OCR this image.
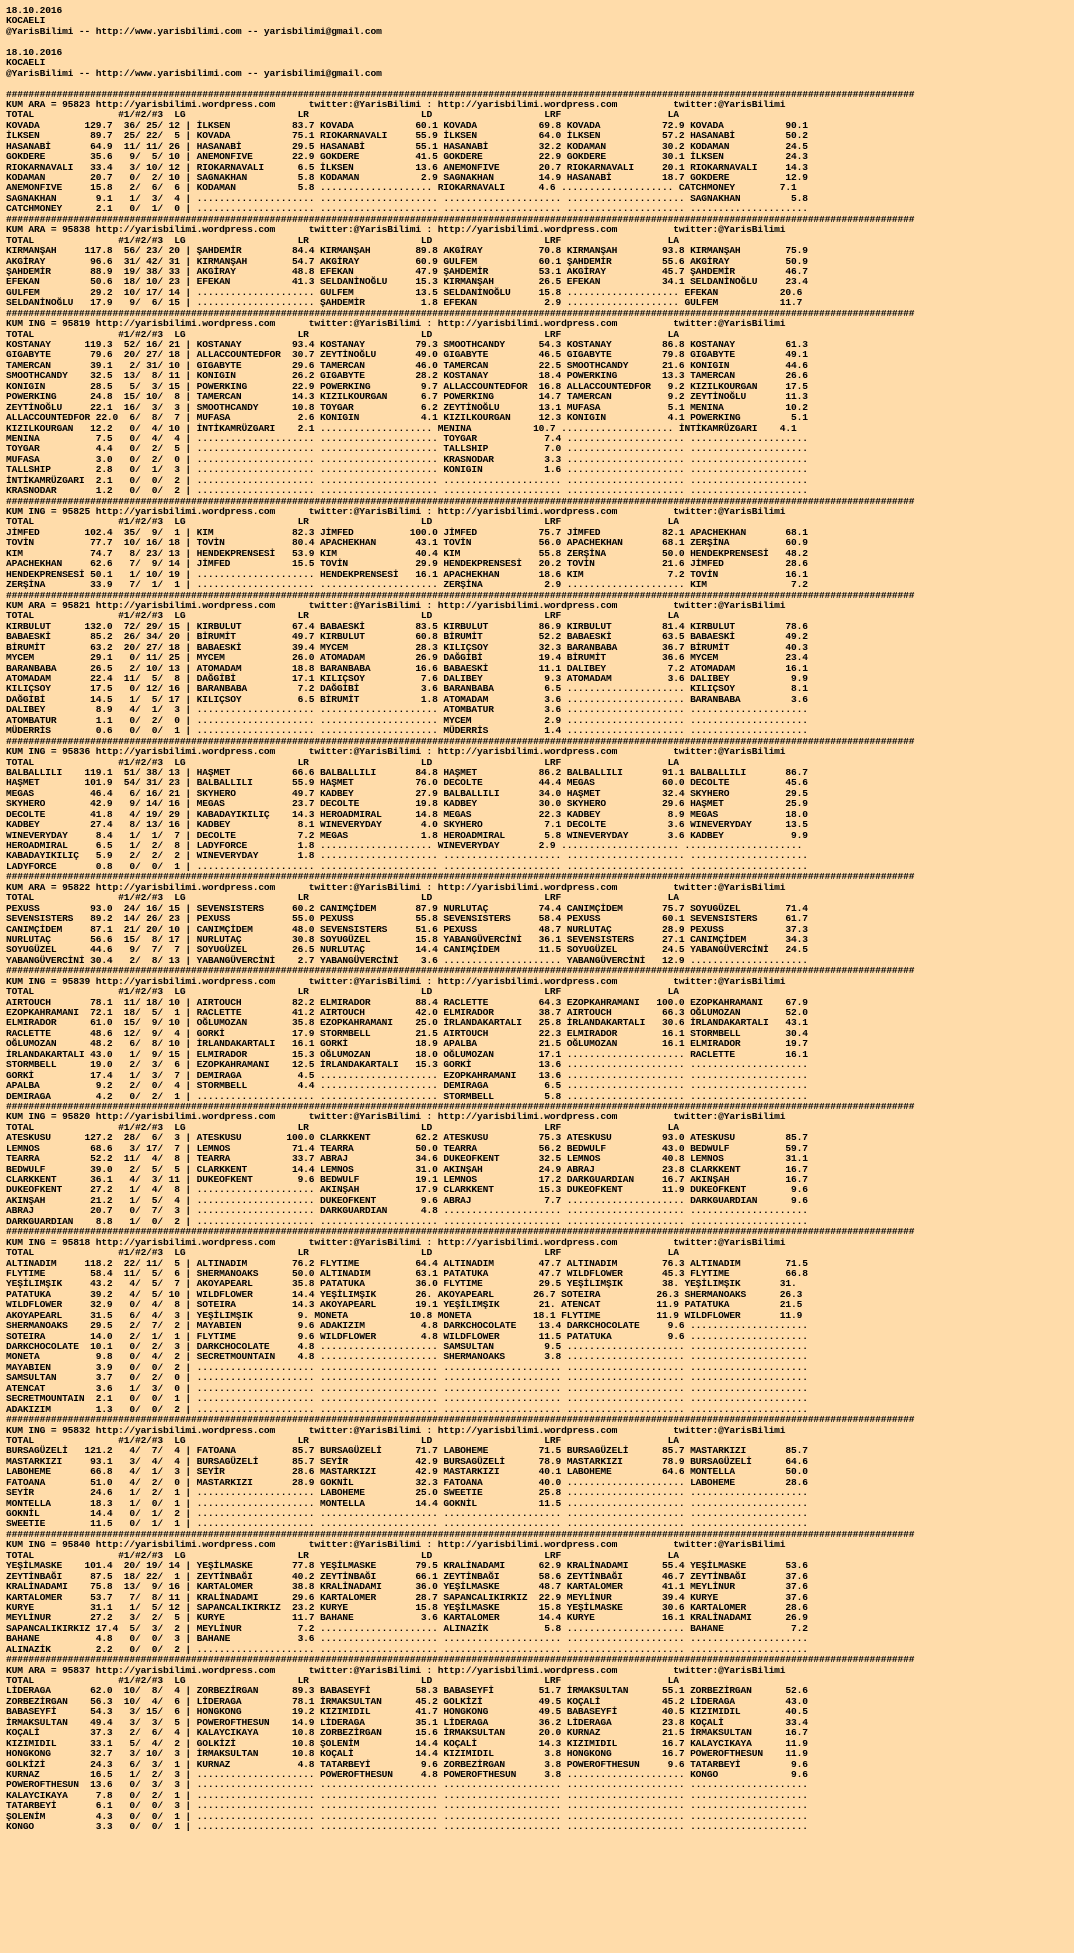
18.10.2016
KOCAELI
@YarisBilimi -- http://www.yarisbilimi.com -- yarisbilimi@gmail.com
18.10.2016
KOCAELI
@YarisBilimi -- http://www.yarisbilimi.com -- yarisbilimi@gmail.com
##################################################################################################################################################################
KUM ARA = 95823 http://yarisbilimi.wordpress.com      twitter:@YarisBilimi : http://yarisbilimi.wordpress.com          twitter:@YarisBilimi
TOTAL               #1/#2/#3  LG                    LR                    LD                    LRF                   LA
KOVADA        129.7  36/ 25/ 12 | İLKSEN           83.7 KOVADA           60.1 KOVADA           69.8 KOVADA           72.9 KOVADA           90.1
İLKSEN         89.7  25/ 22/  5 | KOVADA           75.1 RIOKARNAVALI     55.9 İLKSEN           64.0 İLKSEN           57.2 HASANABİ         50.2
HASANABİ       64.9  11/ 11/ 26 | HASANABİ         29.5 HASANABİ         55.1 HASANABİ         32.2 KODAMAN          30.2 KODAMAN          24.5
GOKDERE        35.6   9/  5/ 10 | ANEMONFIVE       22.9 GOKDERE          41.5 GOKDERE          22.9 GOKDERE          30.1 İLKSEN           24.3
RIOKARNAVALI   33.4   3/ 10/ 12 | RIOKARNAVALI      6.5 İLKSEN           13.6 ANEMONFIVE       20.7 RIOKARNAVALI     20.1 RIOKARNAVALI     14.3
KODAMAN        20.7   0/  2/ 10 | SAGNAKHAN         5.8 KODAMAN           2.9 SAGNAKHAN        14.9 HASANABİ         18.7 GOKDERE          12.9
ANEMONFIVE     15.8   2/  6/  6 | KODAMAN           5.8 .................... RIOKARNAVALI      4.6 .................... CATCHMONEY        7.1
SAGNAKHAN       9.1   1/  3/  4 | ..................... ..................... ..................... ..................... SAGNAKHAN         5.8
CATCHMONEY      2.1   0/  1/  0 | ..................... ..................... ..................... ..................... .....................
##################################################################################################################################################################
KUM ARA = 95838 http://yarisbilimi.wordpress.com      twitter:@YarisBilimi : http://yarisbilimi.wordpress.com          twitter:@YarisBilimi
TOTAL               #1/#2/#3  LG                    LR                    LD                    LRF                   LA
KIRMANŞAH     117.8  56/ 23/ 20 | ŞAHDEMİR         84.4 KIRMANŞAH        89.8 AKGİRAY          70.8 KIRMANŞAH        93.8 KIRMANŞAH        75.9
AKGİRAY        96.6  31/ 42/ 31 | KIRMANŞAH        54.7 AKGİRAY          60.9 GULFEM           60.1 ŞAHDEMİR         55.6 AKGİRAY          50.9
ŞAHDEMİR       88.9  19/ 38/ 33 | AKGİRAY          48.8 EFEKAN           47.9 ŞAHDEMİR         53.1 AKGİRAY          45.7 ŞAHDEMİR         46.7
EFEKAN         50.6  18/ 10/ 23 | EFEKAN           41.3 SELDANİNOĞLU     15.3 KIRMANŞAH        26.5 EFEKAN           34.1 SELDANİNOĞLU     23.4
GULFEM         29.2  10/ 17/ 14 | ..................... GULFEM           13.5 SELDANİNOĞLU     15.8 .................... EFEKAN           20.6
SELDANİNOĞLU   17.9   9/  6/ 15 | ..................... ŞAHDEMİR          1.8 EFEKAN            2.9 .................... GULFEM           11.7
##################################################################################################################################################################
KUM ING = 95819 http://yarisbilimi.wordpress.com      twitter:@YarisBilimi : http://yarisbilimi.wordpress.com          twitter:@YarisBilimi
TOTAL               #1/#2/#3  LG                    LR                    LD                    LRF                   LA
KOSTANAY      119.3  52/ 16/ 21 | KOSTANAY         93.4 KOSTANAY         79.3 SMOOTHCANDY      54.3 KOSTANAY         86.8 KOSTANAY         61.3
GIGABYTE       79.6  20/ 27/ 18 | ALLACCOUNTEDFOR  30.7 ZEYTİNOĞLU       49.0 GIGABYTE         46.5 GIGABYTE         79.8 GIGABYTE         49.1
TAMERCAN       39.1   2/ 31/ 10 | GIGABYTE         29.6 TAMERCAN         46.0 TAMERCAN         22.5 SMOOTHCANDY      21.6 KONIGIN          44.6
SMOOTHCANDY    32.5  13/  8/ 11 | KONIGIN          26.2 GIGABYTE         28.2 KOSTANAY         18.4 POWERKING        13.3 TAMERCAN         26.6
KONIGIN        28.5   5/  3/ 15 | POWERKING        22.9 POWERKING         9.7 ALLACCOUNTEDFOR  16.8 ALLACCOUNTEDFOR   9.2 KIZILKOURGAN     17.5
POWERKING      24.8  15/ 10/  8 | TAMERCAN         14.3 KIZILKOURGAN      6.7 POWERKING        14.7 TAMERCAN          9.2 ZEYTİNOĞLU       11.3
ZEYTİNOĞLU     22.1  16/  3/  3 | SMOOTHCANDY      10.8 TOYGAR            6.2 ZEYTİNOĞLU       13.1 MUFASA            5.1 MENINA           10.2
ALLACCOUNTEDFOR 22.0  6/  8/  7 | MUFASA            2.6 KONIGIN           4.1 KIZILKOURGAN     12.3 KONIGIN           4.1 POWERKING         5.1
KIZILKOURGAN   12.2   0/  4/ 10 | İNTİKAMRÜZGARI    2.1 .................... MENINA           10.7 .................... İNTİKAMRÜZGARI    4.1
MENINA          7.5   0/  4/  4 | ..................... ..................... TOYGAR            7.4 ..................... .....................
TOYGAR          4.4   0/  2/  5 | ..................... ..................... TALLSHIP          7.0 ..................... .....................
MUFASA          3.0   0/  2/  0 | ..................... ..................... KRASNODAR         3.3 ..................... .....................
TALLSHIP        2.8   0/  1/  3 | ..................... ..................... KONIGIN           1.6 ..................... .....................
İNTİKAMRÜZGARI  2.1   0/  0/  2 | ..................... ..................... ..................... ..................... .....................
KRASNODAR       1.2   0/  0/  2 | ..................... ..................... ..................... ..................... .....................
##################################################################################################################################################################
KUM ING = 95825 http://yarisbilimi.wordpress.com      twitter:@YarisBilimi : http://yarisbilimi.wordpress.com          twitter:@YarisBilimi
TOTAL               #1/#2/#3  LG                    LR                    LD                    LRF                   LA
JİMFED        102.4  35/  9/  1 | KIM              82.3 JİMFED          100.0 JİMFED           75.7 JİMFED           82.1 APACHEKHAN       68.1
TOVİN          77.7  10/ 16/ 18 | TOVİN            80.4 APACHEKHAN       43.1 TOVİN            56.0 APACHEKHAN       68.1 ZERŞİNA          60.9
KIM            74.7   8/ 23/ 13 | HENDEKPRENSESİ   53.9 KIM              40.4 KIM              55.8 ZERŞİNA          50.0 HENDEKPRENSESİ   48.2
APACHEKHAN     62.6   7/  9/ 14 | JİMFED           15.5 TOVİN            29.9 HENDEKPRENSESİ   20.2 TOVİN            21.6 JİMFED           28.6
HENDEKPRENSESİ 50.1   1/ 10/ 19 | ..................... HENDEKPRENSESİ   16.1 APACHEKHAN       18.6 KIM               7.2 TOVİN            16.1
ZERŞİNA        33.9   7/  1/  1 | ..................... ..................... ZERŞİNA           2.9 ..................... KIM               7.2
##################################################################################################################################################################
KUM ARA = 95821 http://yarisbilimi.wordpress.com      twitter:@YarisBilimi : http://yarisbilimi.wordpress.com          twitter:@YarisBilimi
TOTAL               #1/#2/#3  LG                    LR                    LD                    LRF                   LA
KIRBULUT      132.0  72/ 29/ 15 | KIRBULUT         67.4 BABAESKİ         83.5 KIRBULUT         86.9 KIRBULUT         81.4 KIRBULUT         78.6
BABAESKİ       85.2  26/ 34/ 20 | BİRUMİT          49.7 KIRBULUT         60.8 BİRUMİT          52.2 BABAESKİ         63.5 BABAESKİ         49.2
BİRUMİT        63.2  20/ 27/ 18 | BABAESKİ         39.4 MYCEM            28.3 KILIÇSOY         32.3 BARANBABA        36.7 BİRUMİT          40.3
MYCEM          29.1   0/ 11/ 25 | MYCEM            26.0 ATOMADAM         26.9 DAĞGİBİ          19.4 BİRUMİT          36.6 MYCEM            23.4
BARANBABA      26.5   2/ 10/ 13 | ATOMADAM         18.8 BARANBABA        16.6 BABAESKİ         11.1 DALIBEY           7.2 ATOMADAM         16.1
ATOMADAM       22.4  11/  5/  8 | DAĞGİBİ          17.1 KILIÇSOY          7.6 DALIBEY           9.3 ATOMADAM          3.6 DALIBEY           9.9
KILIÇSOY       17.5   0/ 12/ 16 | BARANBABA         7.2 DAĞGİBİ           3.6 BARANBABA         6.5 ..................... KILIÇSOY          8.1
DAĞGİBİ        14.5   1/  5/ 17 | KILIÇSOY          6.5 BİRUMİT           1.8 ATOMADAM          3.6 ..................... BARANBABA         3.6
DALIBEY         8.9   4/  1/  3 | ..................... ..................... ATOMBATUR         3.6 ..................... .....................
ATOMBATUR       1.1   0/  2/  0 | ..................... ..................... MYCEM             2.9 ..................... .....................
MÜDERRİS        0.6   0/  0/  1 | ..................... ..................... MÜDERRİS          1.4 ..................... .....................
##################################################################################################################################################################
KUM ING = 95836 http://yarisbilimi.wordpress.com      twitter:@YarisBilimi : http://yarisbilimi.wordpress.com          twitter:@YarisBilimi
TOTAL               #1/#2/#3  LG                    LR                    LD                    LRF                   LA
BALBALLILI    119.1  51/ 38/ 13 | HAŞMET           66.6 BALBALLILI       84.8 HAŞMET           86.2 BALBALLILI       91.1 BALBALLILI       86.7
HAŞMET        101.9  54/ 31/ 23 | BALBALLILI       55.9 HAŞMET           76.0 DECOLTE          44.4 MEGAS            60.0 DECOLTE          45.6
MEGAS          46.4   6/ 16/ 21 | SKYHERO          49.7 KADBEY           27.9 BALBALLILI       34.0 HAŞMET           32.4 SKYHERO          29.5
SKYHERO        42.9   9/ 14/ 16 | MEGAS            23.7 DECOLTE          19.8 KADBEY           30.0 SKYHERO          29.6 HAŞMET           25.9
DECOLTE        41.8   4/ 19/ 29 | KABADAYIKILIÇ    14.3 HEROADMIRAL      14.8 MEGAS            22.3 KADBEY            8.9 MEGAS            18.0
KADBEY         27.4   8/ 13/ 16 | KADBEY            8.1 WINEVERYDAY       4.0 SKYHERO           7.1 DECOLTE           3.6 WINEVERYDAY      13.5
WINEVERYDAY     8.4   1/  1/  7 | DECOLTE           7.2 MEGAS             1.8 HEROADMIRAL       5.8 WINEVERYDAY       3.6 KADBEY            9.9
HEROADMIRAL     6.5   1/  2/  8 | LADYFORCE         1.8 .................... WINEVERYDAY       2.9 ..................... .....................
KABADAYIKILIÇ   5.9   2/  2/  2 | WINEVERYDAY       1.8 ..................... ..................... ..................... .....................
LADYFORCE       0.8   0/  0/  1 | ..................... ..................... ..................... ..................... .....................
##################################################################################################################################################################
KUM ARA = 95822 http://yarisbilimi.wordpress.com      twitter:@YarisBilimi : http://yarisbilimi.wordpress.com          twitter:@YarisBilimi
TOTAL               #1/#2/#3  LG                    LR                    LD                    LRF                   LA
PEXUSS         93.0  24/ 16/ 15 | SEVENSISTERS     60.2 CANIMÇİDEM       87.9 NURLUTAÇ         74.4 CANIMÇİDEM       75.7 SOYUGÜZEL        71.4
SEVENSISTERS   89.2  14/ 26/ 23 | PEXUSS           55.0 PEXUSS           55.8 SEVENSISTERS     58.4 PEXUSS           60.1 SEVENSISTERS     61.7
CANIMÇİDEM     87.1  21/ 20/ 10 | CANIMÇİDEM       48.0 SEVENSISTERS     51.6 PEXUSS           48.7 NURLUTAÇ         28.9 PEXUSS           37.3
NURLUTAÇ       56.6  15/  8/ 17 | NURLUTAÇ         30.8 SOYUGÜZEL        15.8 YABANGÜVERCİNİ   36.1 SEVENSISTERS     27.1 CANIMÇİDEM       34.3
SOYUGÜZEL      44.6   9/  7/  7 | SOYUGÜZEL        26.5 NURLUTAÇ         14.4 CANIMÇİDEM       11.5 SOYUGÜZEL        24.5 YABANGÜVERCİNİ   24.5
YABANGÜVERCİNİ 30.4   2/  8/ 13 | YABANGÜVERCİNİ    2.7 YABANGÜVERCİNİ    3.6 ..................... YABANGÜVERCİNİ   12.9 .....................
##################################################################################################################################################################
KUM ING = 95839 http://yarisbilimi.wordpress.com      twitter:@YarisBilimi : http://yarisbilimi.wordpress.com          twitter:@YarisBilimi
TOTAL               #1/#2/#3  LG                    LR                    LD                    LRF                   LA
AIRTOUCH       78.1  11/ 18/ 10 | AIRTOUCH         82.2 ELMIRADOR        88.4 RACLETTE         64.3 EZOPKAHRAMANI   100.0 EZOPKAHRAMANI    67.9
EZOPKAHRAMANI  72.1  18/  5/  1 | RACLETTE         41.2 AIRTOUCH         42.0 ELMIRADOR        38.7 AIRTOUCH         66.3 OĞLUMOZAN        52.0
ELMIRADOR      61.0  15/  9/ 10 | OĞLUMOZAN        35.8 EZOPKAHRAMANI    25.0 İRLANDAKARTALI   25.8 İRLANDAKARTALI   30.6 İRLANDAKARTALI   43.1
RACLETTE       48.6  12/  9/  4 | GORKİ            17.9 STORMBELL        21.5 AIRTOUCH         22.3 ELMIRADOR        16.1 STORMBELL        30.4
OĞLUMOZAN      48.2   6/  8/ 10 | İRLANDAKARTALI   16.1 GORKİ            18.9 APALBA           21.5 OĞLUMOZAN        16.1 ELMIRADOR        19.7
İRLANDAKARTALI 43.0   1/  9/ 15 | ELMIRADOR        15.3 OĞLUMOZAN        18.0 OĞLUMOZAN        17.1 ..................... RACLETTE         16.1
STORMBELL      19.0   2/  3/  6 | EZOPKAHRAMANI    12.5 İRLANDAKARTALI   15.3 GORKİ            13.6 ..................... .....................
GORKİ          17.4   1/  3/  7 | DEMIRAGA          4.5 ..................... EZOPKAHRAMANI    13.6 ..................... .....................
APALBA          9.2   2/  0/  4 | STORMBELL         4.4 ..................... DEMIRAGA          6.5 ..................... .....................
DEMIRAGA        4.2   0/  2/  1 | ..................... ..................... STORMBELL         5.8 ..................... .....................
##################################################################################################################################################################
KUM ING = 95820 http://yarisbilimi.wordpress.com      twitter:@YarisBilimi : http://yarisbilimi.wordpress.com          twitter:@YarisBilimi
TOTAL               #1/#2/#3  LG                    LR                    LD                    LRF                   LA
ATESKUSU      127.2  28/  6/  3 | ATESKUSU        100.0 CLARKKENT        62.2 ATESKUSU         75.3 ATESKUSU         93.0 ATESKUSU         85.7
LEMNOS         68.6   3/ 17/  7 | LEMNOS           71.4 TEARRA           50.0 TEARRA           56.2 BEDWULF          43.0 BEDWULF          59.7
TEARRA         52.2  11/  4/  8 | TEARRA           33.7 ABRAJ            34.6 DUKEOFKENT       32.5 LEMNOS           40.8 LEMNOS           31.1
BEDWULF        39.0   2/  5/  5 | CLARKKENT        14.4 LEMNOS           31.0 AKINŞAH          24.9 ABRAJ            23.8 CLARKKENT        16.7
CLARKKENT      36.1   4/  3/ 11 | DUKEOFKENT        9.6 BEDWULF          19.1 LEMNOS           17.2 DARKGUARDIAN     16.7 AKINŞAH          16.7
DUKEOFKENT     27.2   1/  4/  8 | ..................... AKINŞAH          17.9 CLARKKENT        15.3 DUKEOFKENT       11.9 DUKEOFKENT        9.6
AKINŞAH        21.2   1/  5/  4 | ..................... DUKEOFKENT        9.6 ABRAJ             7.7 ..................... DARKGUARDIAN      9.6
ABRAJ          20.7   0/  7/  3 | ..................... DARKGUARDIAN      4.8 ..................... ..................... .....................
DARKGUARDIAN    8.8   1/  0/  2 | ..................... ..................... ..................... ..................... .....................
##################################################################################################################################################################
KUM ING = 95818 http://yarisbilimi.wordpress.com      twitter:@YarisBilimi : http://yarisbilimi.wordpress.com          twitter:@YarisBilimi
TOTAL               #1/#2/#3  LG                    LR                    LD                    LRF                   LA
ALTINADIM     118.2  22/ 11/  5 | ALTINADIM        76.2 FLYTIME          64.4 ALTINADIM        47.7 ALTINADIM        76.3 ALTINADIM        71.5
FLYTIME        58.4  11/  5/  6 | SHERMANOAKS      50.0 ALTINADIM        63.1 PATATUKA         47.7 WILDFLOWER       45.3 FLYTIME          66.8
YEŞİLIMŞIK     43.2   4/  5/  7 | AKOYAPEARL       35.8 PATATUKA         36.0 FLYTIME          29.5 YEŞİLIMŞIK       38. YEŞİLIMŞIK       31.
PATATUKA       39.2   4/  5/ 10 | WILDFLOWER       14.4 YEŞİLIMŞIK       26. AKOYAPEARL       26.7 SOTEIRA          26.3 SHERMANOAKS      26.3
WILDFLOWER     32.9   0/  4/  8 | SOTEIRA          14.3 AKOYAPEARL       19.1 YEŞİLIMŞIK       21. ATENCAT          11.9 PATATUKA         21.5
AKOYAPEARL     31.5   6/  4/  3 | YEŞİLIMŞIK        9. MONETA           10.8 MONETA           18.1 FLYTIME          11.9 WILDFLOWER       11.9
SHERMANOAKS    29.5   2/  7/  2 | MAYABIEN          9.6 ADAKIZIM          4.8 DARKCHOCOLATE    13.4 DARKCHOCOLATE     9.6 .....................
SOTEIRA        14.0   2/  1/  1 | FLYTIME           9.6 WILDFLOWER        4.8 WILDFLOWER       11.5 PATATUKA          9.6 .....................
DARKCHOCOLATE  10.1   0/  2/  3 | DARKCHOCOLATE     4.8 ..................... SAMSULTAN         9.5 ..................... .....................
MONETA          9.8   0/  4/  2 | SECRETMOUNTAIN    4.8 ..................... SHERMANOAKS       3.8 ..................... .....................
MAYABIEN        3.9   0/  0/  2 | ..................... ..................... ..................... ..................... .....................
SAMSULTAN       3.7   0/  2/  0 | ..................... ..................... ..................... ..................... .....................
ATENCAT         3.6   1/  3/  0 | ..................... ..................... ..................... ..................... .....................
SECRETMOUNTAIN  2.1   0/  0/  1 | ..................... ..................... ..................... ..................... .....................
ADAKIZIM        1.3   0/  0/  2 | ..................... ..................... ..................... ..................... .....................
##################################################################################################################################################################
KUM ING = 95832 http://yarisbilimi.wordpress.com      twitter:@YarisBilimi : http://yarisbilimi.wordpress.com          twitter:@YarisBilimi
TOTAL               #1/#2/#3  LG                    LR                    LD                    LRF                   LA
BURSAGÜZELİ   121.2   4/  7/  4 | FATOANA          85.7 BURSAGÜZELİ      71.7 LABOHEME         71.5 BURSAGÜZELİ      85.7 MASTARKIZI       85.7
MASTARKIZI     93.1   3/  4/  4 | BURSAGÜZELİ      85.7 SEYİR            42.9 BURSAGÜZELİ      78.9 MASTARKIZI       78.9 BURSAGÜZELİ      64.6
LABOHEME       66.8   4/  1/  3 | SEYİR            28.6 MASTARKIZI       42.9 MASTARKIZI       40.1 LABOHEME         64.6 MONTELLA         50.0
FATOANA        51.0   4/  2/  0 | MASTARKIZI       28.9 GOKNİL           32.3 FATOANA          40.0 ..................... LABOHEME         28.6
SEYİR          24.6   1/  2/  1 | ..................... LABOHEME         25.0 SWEETIE          25.8 ..................... .....................
MONTELLA       18.3   1/  0/  1 | ..................... MONTELLA         14.4 GOKNİL           11.5 ..................... .....................
GOKNİL         14.4   0/  1/  2 | ..................... ..................... ..................... ..................... .....................
SWEETIE        11.5   0/  1/  1 | ..................... ..................... ..................... ..................... .....................
##################################################################################################################################################################
KUM ING = 95840 http://yarisbilimi.wordpress.com      twitter:@YarisBilimi : http://yarisbilimi.wordpress.com          twitter:@YarisBilimi
TOTAL               #1/#2/#3  LG                    LR                    LD                    LRF                   LA
YEŞİLMASKE    101.4  20/ 19/ 14 | YEŞİLMASKE       77.8 YEŞİLMASKE       79.5 KRALİNADAMI      62.9 KRALİNADAMI      55.4 YEŞİLMASKE       53.6
ZEYTİNBAĞI     87.5  18/ 22/  1 | ZEYTİNBAĞI       40.2 ZEYTİNBAĞI       66.1 ZEYTİNBAĞI       58.6 ZEYTİNBAĞI       46.7 ZEYTİNBAĞI       37.6
KRALİNADAMI    75.8  13/  9/ 16 | KARTALOMER       38.8 KRALİNADAMI      36.0 YEŞİLMASKE       48.7 KARTALOMER       41.1 MEYLİNUR         37.6
KARTALOMER     53.7   7/  8/ 11 | KRALİNADAMI      29.6 KARTALOMER       28.7 SAPANCALIKIRKIZ  22.9 MEYLİNUR         39.4 KURYE            37.6
KURYE          31.1   1/  5/ 12 | SAPANCALIKIRKIZ  23.2 KURYE            15.8 YEŞİLMASKE       15.8 YEŞİLMASKE       30.6 KARTALOMER       28.6
MEYLİNUR       27.2   3/  2/  5 | KURYE            11.7 BAHANE            3.6 KARTALOMER       14.4 KURYE            16.1 KRALİNADAMI      26.9
SAPANCALIKIRKIZ 17.4  5/  3/  2 | MEYLİNUR          7.2 ..................... ALINAZİK          5.8 ..................... BAHANE            7.2
BAHANE          4.8   0/  0/  3 | BAHANE            3.6 ..................... ..................... ..................... .....................
ALINAZİK        2.2   0/  0/  2 | ..................... ..................... ..................... ..................... .....................
##################################################################################################################################################################
KUM ARA = 95837 http://yarisbilimi.wordpress.com      twitter:@YarisBilimi : http://yarisbilimi.wordpress.com          twitter:@YarisBilimi
TOTAL               #1/#2/#3  LG                    LR                    LD                    LRF                   LA
LİDERAGA       62.0  10/  8/  4 | ZORBEZİRGAN      89.3 BABASEYFİ        58.3 BABASEYFİ        51.7 İRMAKSULTAN      55.1 ZORBEZİRGAN      52.6
ZORBEZİRGAN    56.3  10/  4/  6 | LİDERAGA         78.1 İRMAKSULTAN      45.2 GOLKİZİ          49.5 KOÇALİ           45.2 LİDERAGA         43.0
BABASEYFİ      54.3   3/ 15/  6 | HONGKONG         19.2 KIZIMIDIL        41.7 HONGKONG         49.5 BABASEYFİ        40.5 KIZIMIDIL        40.5
İRMAKSULTAN    49.4   3/  3/  5 | POWEROFTHESUN    14.9 LİDERAGA         35.1 LİDERAGA         36.2 LİDERAGA         23.8 KOÇALİ           33.4
KOÇALİ         37.3   2/  6/  4 | KALAYCIKAYA      10.8 ZORBEZİRGAN      15.6 İRMAKSULTAN      20.0 KURNAZ           21.5 İRMAKSULTAN      16.7
KIZIMIDIL      33.1   5/  4/  2 | GOLKİZİ          10.8 ŞOLENİM          14.4 KOÇALİ           14.3 KIZIMIDIL        16.7 KALAYCIKAYA      11.9
HONGKONG       32.7   3/ 10/  3 | İRMAKSULTAN      10.8 KOÇALİ           14.4 KIZIMIDIL         3.8 HONGKONG         16.7 POWEROFTHESUN    11.9
GOLKİZİ        24.3   6/  3/  1 | KURNAZ            4.8 TATARBEYİ         9.6 ZORBEZİRGAN       3.8 POWEROFTHESUN     9.6 TATARBEYİ         9.6
KURNAZ         16.5   1/  2/  3 | ..................... POWEROFTHESUN     4.8 POWEROFTHESUN     3.8 ..................... KONGO             9.6
POWEROFTHESUN  13.6   0/  3/  3 | ..................... ..................... ..................... ..................... .....................
KALAYCIKAYA     7.8   0/  2/  1 | ..................... ..................... ..................... ..................... .....................
TATARBEYİ       6.1   0/  0/  3 | ..................... ..................... ..................... ..................... .....................
ŞOLENİM         4.3   0/  0/  1 | ..................... ..................... ..................... ..................... .....................
KONGO           3.3   0/  0/  1 | ..................... ..................... ..................... ..................... .....................
